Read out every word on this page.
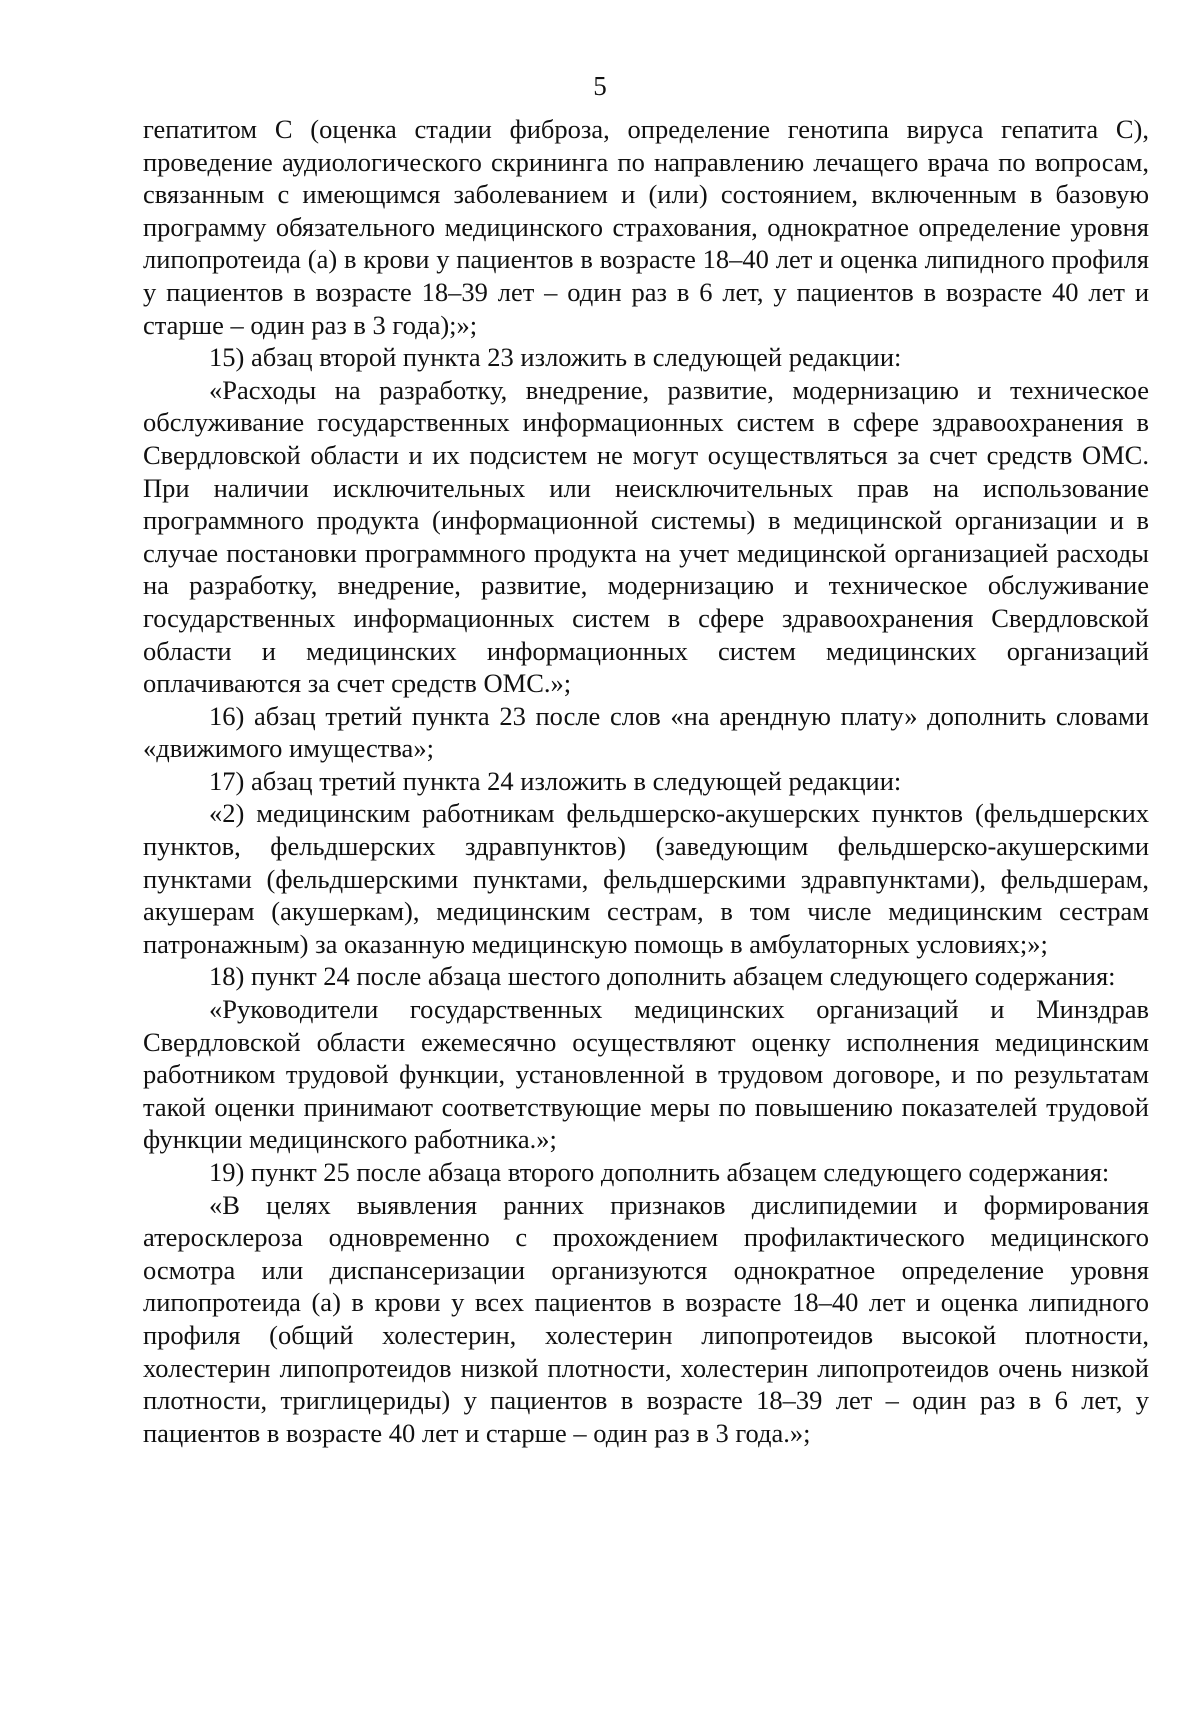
5

гепатитом С (оценка стадии фиброза, определение генотипа вируса гепатита С), проведение аудиологического скрининга по направлению лечащего врача по вопросам, связанным с имеющимся заболеванием и (или) состоянием, включенным в базовую программу обязательного медицинского страхования, однократное определение уровня липопротеида (а) в крови у пациентов в возрасте 18–40 лет и оценка липидного профиля у пациентов в возрасте 18–39 лет – один раз в 6 лет, у пациентов в возрасте 40 лет и старше – один раз в 3 года);»;

15) абзац второй пункта 23 изложить в следующей редакции:

«Расходы на разработку, внедрение, развитие, модернизацию и техническое обслуживание государственных информационных систем в сфере здравоохранения в Свердловской области и их подсистем не могут осуществляться за счет средств ОМС. При наличии исключительных или неисключительных прав на использование программного продукта (информационной системы) в медицинской организации и в случае постановки программного продукта на учет медицинской организацией расходы на разработку, внедрение, развитие, модернизацию и техническое обслуживание государственных информационных систем в сфере здравоохранения Свердловской области и медицинских информационных систем медицинских организаций оплачиваются за счет средств ОМС.»;

16) абзац третий пункта 23 после слов «на арендную плату» дополнить словами «движимого имущества»;

17) абзац третий пункта 24 изложить в следующей редакции:

«2) медицинским работникам фельдшерско-акушерских пунктов (фельдшерских пунктов, фельдшерских здравпунктов) (заведующим фельдшерско-акушерскими пунктами (фельдшерскими пунктами, фельдшерскими здравпунктами), фельдшерам, акушерам (акушеркам), медицинским сестрам, в том числе медицинским сестрам патронажным) за оказанную медицинскую помощь в амбулаторных условиях;»;

18) пункт 24 после абзаца шестого дополнить абзацем следующего содержания:

«Руководители государственных медицинских организаций и Минздрав Свердловской области ежемесячно осуществляют оценку исполнения медицинским работником трудовой функции, установленной в трудовом договоре, и по результатам такой оценки принимают соответствующие меры по повышению показателей трудовой функции медицинского работника.»;

19) пункт 25 после абзаца второго дополнить абзацем следующего содержания:

«В целях выявления ранних признаков дислипидемии и формирования атеросклероза одновременно с прохождением профилактического медицинского осмотра или диспансеризации организуются однократное определение уровня липопротеида (а) в крови у всех пациентов в возрасте 18–40 лет и оценка липидного профиля (общий холестерин, холестерин липопротеидов высокой плотности, холестерин липопротеидов низкой плотности, холестерин липопротеидов очень низкой плотности, триглицериды) у пациентов в возрасте 18–39 лет – один раз в 6 лет, у пациентов в возрасте 40 лет и старше – один раз в 3 года.»;
